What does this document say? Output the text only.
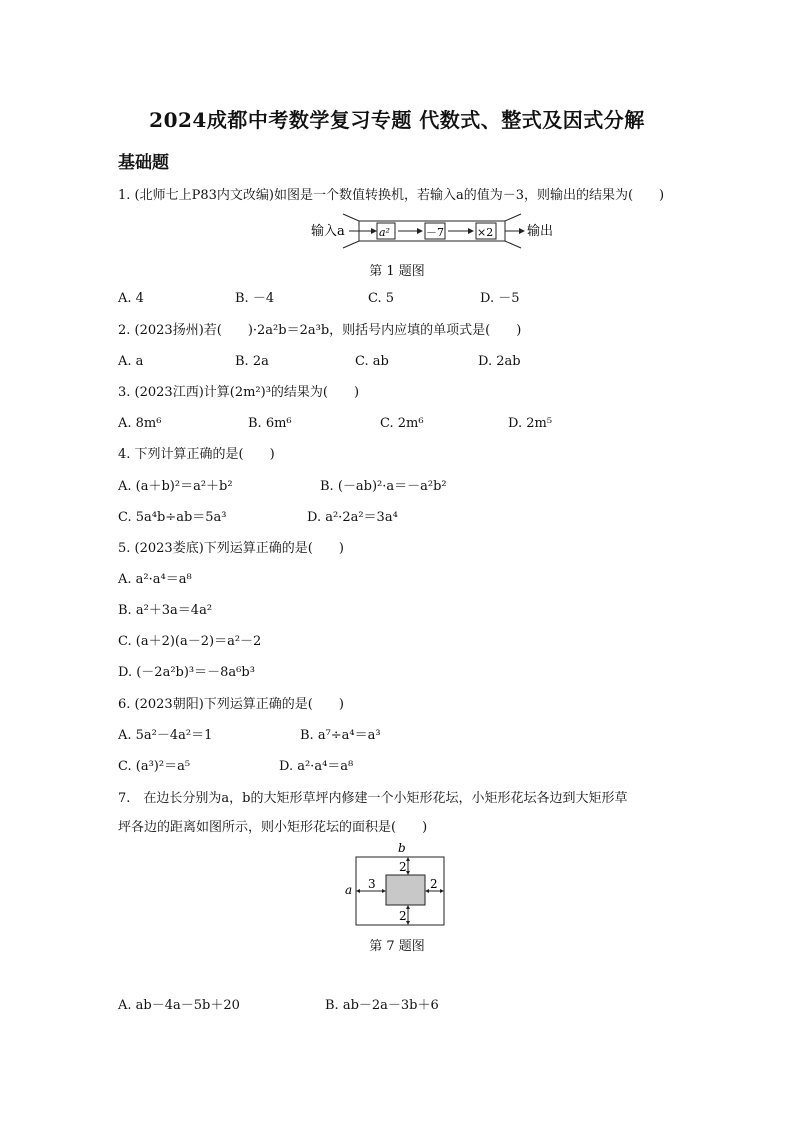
2024成都中考数学复习专题 代数式、整式及因式分解
基础题
1. (北师七上P83内文改编)如图是一个数值转换机，若输入a的值为－3，则输出的结果为(　　)
输入a	a²	－7	×2	输出
第 1 题图
A. 4	B. －4	C. 5	D. －5
2. (2023扬州)若(　　)·2a²b＝2a³b，则括号内应填的单项式是(　　)
A. a	B. 2a	C. ab	D. 2ab
3. (2023江西)计算(2m²)³的结果为(　　)
A. 8m⁶	B. 6m⁶	C. 2m⁶	D. 2m⁵
4. 下列计算正确的是(　　)
A. (a＋b)²＝a²＋b²	B. (－ab)²·a＝－a²b²
C. 5a⁴b÷ab＝5a³	D. a²·2a²＝3a⁴
5. (2023娄底)下列运算正确的是(　　)
A. a²·a⁴＝a⁸
B. a²＋3a＝4a²
C. (a＋2)(a－2)＝a²－2
D. (－2a²b)³＝－8a⁶b³
6. (2023朝阳)下列运算正确的是(　　)
A. 5a²－4a²＝1	B. a⁷÷a⁴＝a³
C. (a³)²＝a⁵	D. a²·a⁴＝a⁸
7.　在边长分别为a，b的大矩形草坪内修建一个小矩形花坛，小矩形花坛各边到大矩形草
坪各边的距离如图所示，则小矩形花坛的面积是(　　)
b
a
2
3	2
2
第 7 题图
A. ab－4a－5b＋20	B. ab－2a－3b＋6
